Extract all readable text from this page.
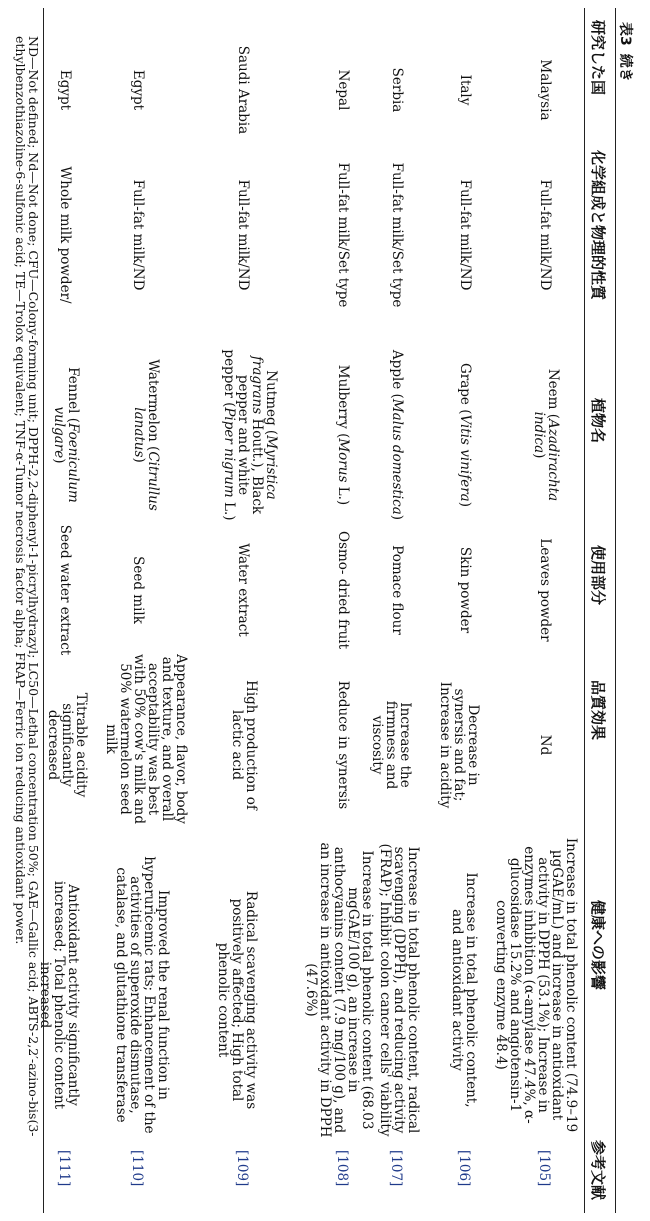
表3続き
研究した国
化学組成と物理的性質
植物名
使用部分
品質効果
健康への影響
参考文献
Malaysia
Full-fat milk/ND
Neem (Azadirachta
indica)
Leaves powder
Nd
Increase in total phenolic content (74.9–19 µgGAE/mL) and increase in antioxidant activity in DPPH (53.1%); Increase in enzymes inhibition (α-amylase 47.4%, α-glucosidase 15.2% and angiotensin-1 converting enzyme 48.4)
[105]
Italy
Full-fat milk/ND
Grape (Vitis vinifera)
Skin powder
Decrease in synersis and fat; Increase in acidity
Increase in total phenolic content, and antioxidant activity
[106]
Serbia
Full-fat milk/Set type
Apple (Malus domestica)
Pomace flour
Increase the firmness and viscosity
Increase in total phenolic content, radical scavenging (DPPH), and reducing activity (FRAP); Inhibit colon cancer cells' viability
[107]
Nepal
Full-fat milk/Set type
Mulberry (Morus L.)
Osmo- dried fruit
Reduce in synersis
Increase in total phenolic content (68.03 mgGAE/100 g), an increase in anthocyanins content (7.9 mg/100 g), and an increase in antioxidant activity in DPPH (47.6%)
[108]
Saudi Arabia
Full-fat milk/ND
Nutmeg (Myristica
fragrans Houtt.), Black
pepper and white
pepper (Piper nigrum L.)
Water extract
High production of lactic acid
Radical scavenging activity was positively affected; High total phenolic content
[109]
Egypt
Full-fat milk/ND
Watermelon (Citrullus
lanatus)
Seed milk
Appearance, flavor, body and texture, and overall acceptability was best with 50% cow's milk and 50% watermelon seed milk
Improved the renal function in hyperuricemic rats; Enhancement of the activities of superoxide dismutase, catalase, and glutathione transferase
[110]
Egypt
Whole milk powder/
Fennel (Foeniculum
vulgare)
Seed water extract
Titrable acidity significantly decreased
Antioxidant activity significantly increased; Total phenolic content increased
[111]
ND—Not defined; Nd—Not done; CFU—Colony-forming unit; DPPH-2,2-diphenyl-1-picrylhydrazyl; LC50—Lethal concentration 50%; GAE—Gallic acid; ABTS-2,2′-azino-bis(3-ethylbenzothiazoline-6-sulfonic acid; TE—Trolox equivalent; TNF-α-Tumor necrosis factor alpha; FRAP—Ferric ion reducing antioxidant power.
